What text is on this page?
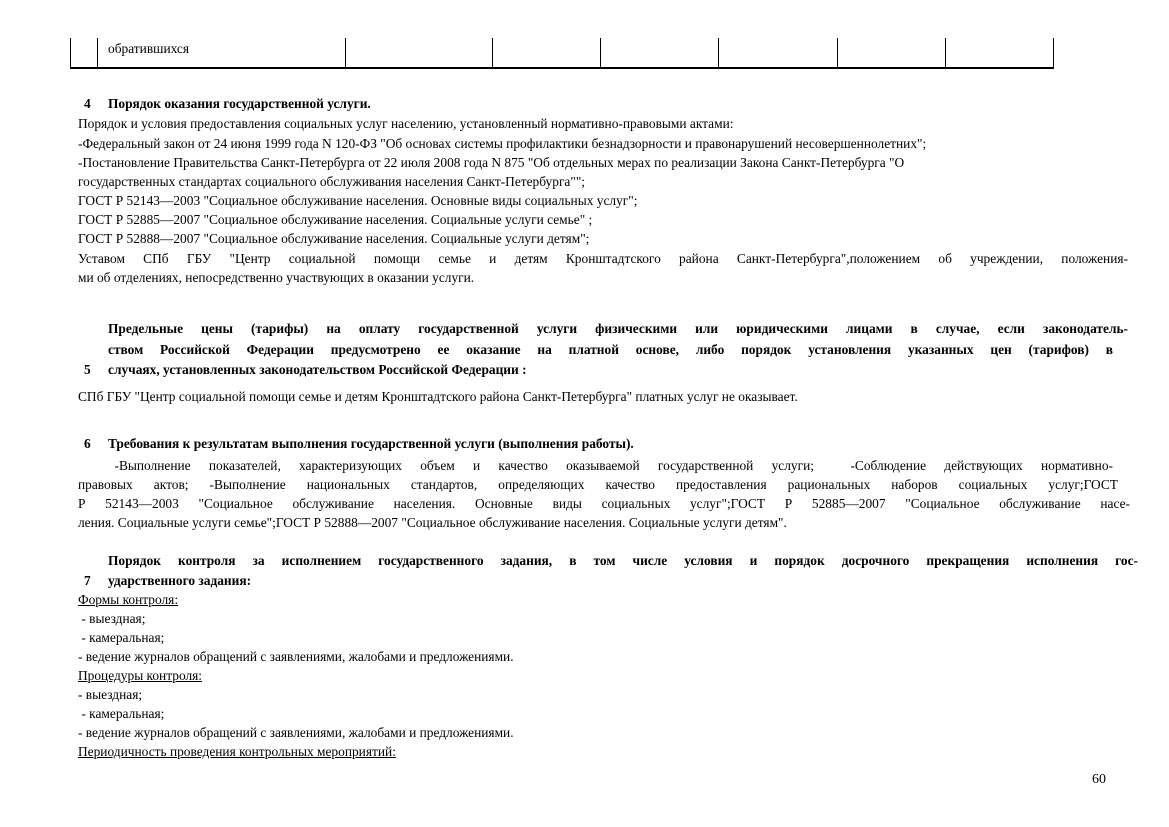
обратившихся
4 Порядок оказания государственной услуги.
Порядок и условия предоставления социальных услуг населению, установленный нормативно-правовыми актами:
-Федеральный закон от 24 июня 1999 года N 120-ФЗ "Об основах системы профилактики безнадзорности и правонарушений несовершеннолетних";
-Постановление Правительства Санкт-Петербурга от 22 июля 2008 года N 875 "Об отдельных мерах по реализации Закона Санкт-Петербурга "О
государственных стандартах социального обслуживания населения Санкт-Петербурга"";
ГОСТ Р 52143—2003 "Социальное обслуживание населения. Основные виды социальных услуг";
ГОСТ Р 52885—2007 "Социальное обслуживание населения. Социальные услуги семье" ;
ГОСТ Р 52888—2007 "Социальное обслуживание населения. Социальные услуги детям";
Уставом СПб ГБУ "Центр социальной помощи семье и детям Кронштадтского района Санкт-Петербурга",положением об учреждении, положения-
ми об отделениях, непосредственно участвующих в оказании услуги.
Предельные цены (тарифы) на оплату государственной услуги физическими или юридическими лицами в случае, если законодатель-
ством Российской Федерации предусмотрено ее оказание на платной основе, либо порядок установления указанных цен (тарифов) в
5 случаях, установленных законодательством Российской Федерации :
СПб ГБУ "Центр социальной помощи семье и детям Кронштадтского района Санкт-Петербурга" платных услуг не оказывает.
6 Требования к результатам выполнения государственной услуги (выполнения работы).
-Выполнение показателей, характеризующих объем и качество оказываемой государственной услуги;  -Соблюдение действующих нормативно-
правовых актов; -Выполнение национальных стандартов, определяющих качество предоставления рациональных наборов социальных услуг;ГОСТ
Р 52143—2003 "Социальное обслуживание населения. Основные виды социальных услуг";ГОСТ Р 52885—2007 "Социальное обслуживание насе-
ления. Социальные услуги семье";ГОСТ Р 52888—2007 "Социальное обслуживание населения. Социальные услуги детям".
Порядок контроля за исполнением государственного задания, в том числе условия и порядок досрочного прекращения исполнения гос-
7 ударственного задания:
Формы контроля:
- выездная;
- камеральная;
- ведение журналов обращений с заявлениями, жалобами и предложениями.
Процедуры контроля:
- выездная;
- камеральная;
- ведение журналов обращений с заявлениями, жалобами и предложениями.
Периодичность проведения контрольных мероприятий:
60
